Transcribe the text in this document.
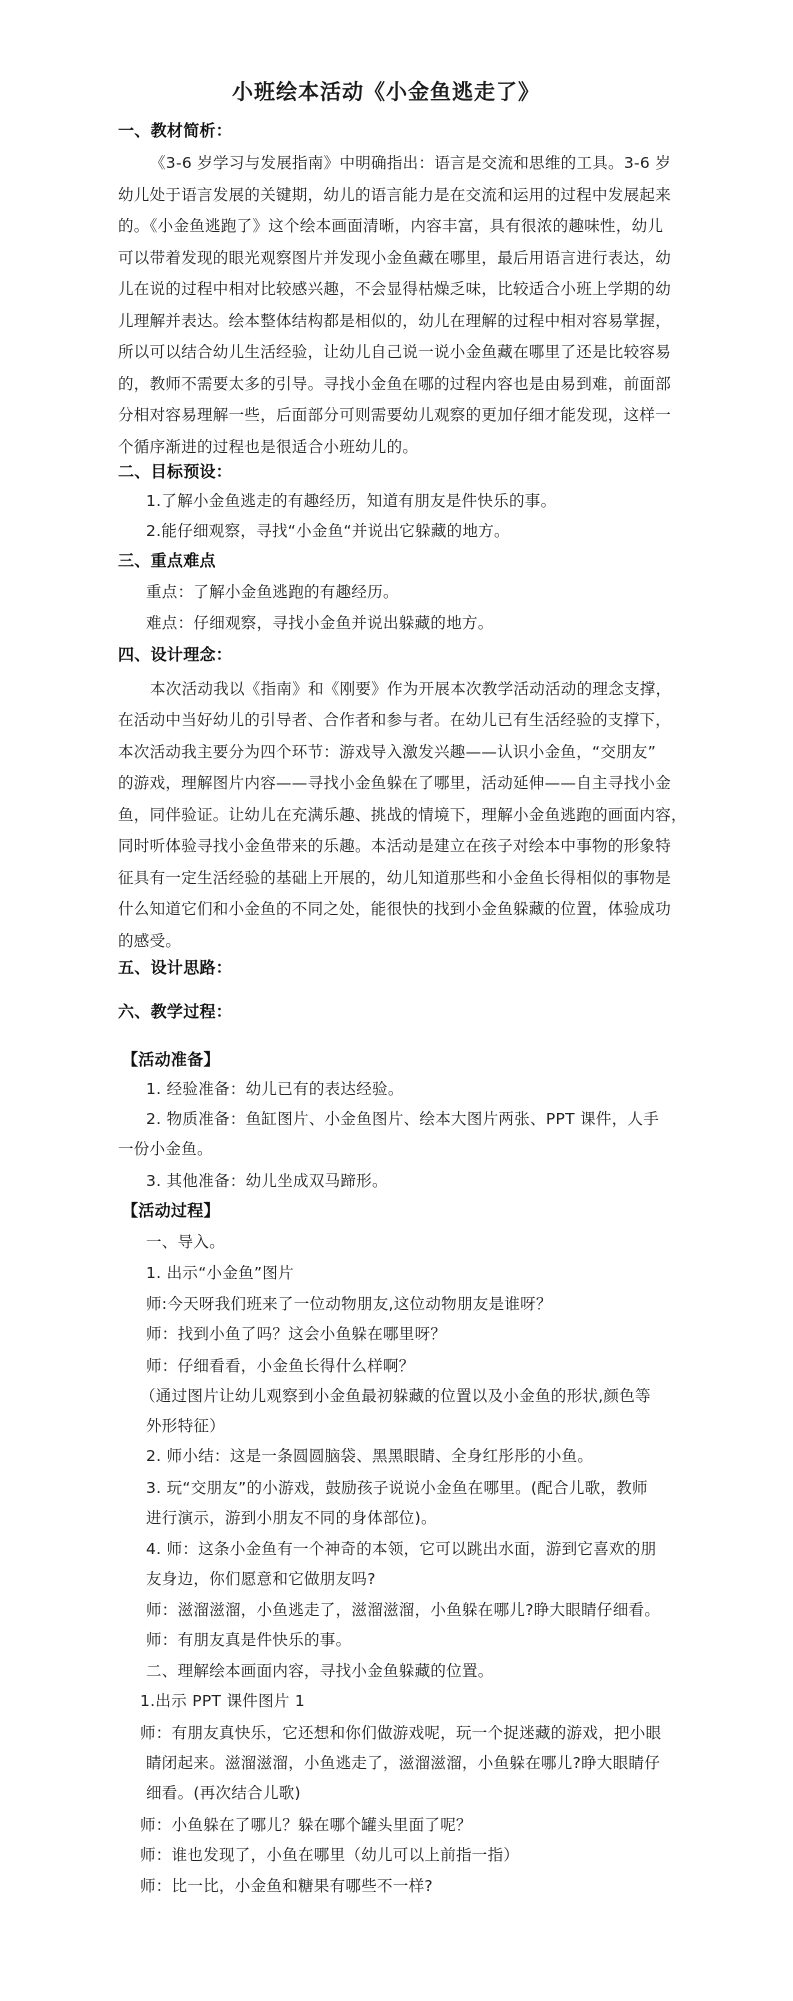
小班绘本活动《小金鱼逃走了》
一、教材简析：
《3-6 岁学习与发展指南》中明确指出：语言是交流和思维的工具。3-6 岁
幼儿处于语言发展的关键期，幼儿的语言能力是在交流和运用的过程中发展起来
的。《小金鱼逃跑了》这个绘本画面清晰，内容丰富，具有很浓的趣味性，幼儿
可以带着发现的眼光观察图片并发现小金鱼藏在哪里，最后用语言进行表达，幼
儿在说的过程中相对比较感兴趣，不会显得枯燥乏味，比较适合小班上学期的幼
儿理解并表达。绘本整体结构都是相似的，幼儿在理解的过程中相对容易掌握，
所以可以结合幼儿生活经验，让幼儿自己说一说小金鱼藏在哪里了还是比较容易
的，教师不需要太多的引导。寻找小金鱼在哪的过程内容也是由易到难，前面部
分相对容易理解一些，后面部分可则需要幼儿观察的更加仔细才能发现，这样一
个循序渐进的过程也是很适合小班幼儿的。
二、目标预设：
1.了解小金鱼逃走的有趣经历，知道有朋友是件快乐的事。
2.能仔细观察，寻找“小金鱼“并说出它躲藏的地方。
三、重点难点
重点：了解小金鱼逃跑的有趣经历。
难点：仔细观察，寻找小金鱼并说出躲藏的地方。
四、设计理念：
本次活动我以《指南》和《刚要》作为开展本次教学活动活动的理念支撑，
在活动中当好幼儿的引导者、合作者和参与者。在幼儿已有生活经验的支撑下，
本次活动我主要分为四个环节：游戏导入激发兴趣——认识小金鱼，“交朋友”
的游戏，理解图片内容——寻找小金鱼躲在了哪里，活动延伸——自主寻找小金
鱼，同伴验证。让幼儿在充满乐趣、挑战的情境下，理解小金鱼逃跑的画面内容，
同时听体验寻找小金鱼带来的乐趣。本活动是建立在孩子对绘本中事物的形象特
征具有一定生活经验的基础上开展的，幼儿知道那些和小金鱼长得相似的事物是
什么知道它们和小金鱼的不同之处，能很快的找到小金鱼躲藏的位置，体验成功
的感受。
五、设计思路：
六、教学过程：
【活动准备】
1. 经验准备：幼儿已有的表达经验。
2. 物质准备：鱼缸图片、小金鱼图片、绘本大图片两张、PPT 课件，人手
一份小金鱼。
3. 其他准备：幼儿坐成双马蹄形。
【活动过程】
一、导入。
1. 出示“小金鱼”图片
师:今天呀我们班来了一位动物朋友,这位动物朋友是谁呀？
师：找到小鱼了吗？这会小鱼躲在哪里呀？
师：仔细看看，小金鱼长得什么样啊？
（通过图片让幼儿观察到小金鱼最初躲藏的位置以及小金鱼的形状,颜色等
外形特征）
2. 师小结：这是一条圆圆脑袋、黑黑眼睛、全身红彤彤的小鱼。
3. 玩“交朋友”的小游戏，鼓励孩子说说小金鱼在哪里。(配合儿歌，教师
进行演示，游到小朋友不同的身体部位)。
4. 师：这条小金鱼有一个神奇的本领，它可以跳出水面，游到它喜欢的朋
友身边，你们愿意和它做朋友吗?
师：滋溜滋溜，小鱼逃走了，滋溜滋溜，小鱼躲在哪儿?睁大眼睛仔细看。
师：有朋友真是件快乐的事。
二、理解绘本画面内容，寻找小金鱼躲藏的位置。
1.出示 PPT 课件图片 1
师：有朋友真快乐，它还想和你们做游戏呢，玩一个捉迷藏的游戏，把小眼
睛闭起来。滋溜滋溜，小鱼逃走了，滋溜滋溜，小鱼躲在哪儿?睁大眼睛仔
细看。(再次结合儿歌)
师：小鱼躲在了哪儿？躲在哪个罐头里面了呢？
师：谁也发现了，小鱼在哪里（幼儿可以上前指一指）
师：比一比，小金鱼和糖果有哪些不一样?
